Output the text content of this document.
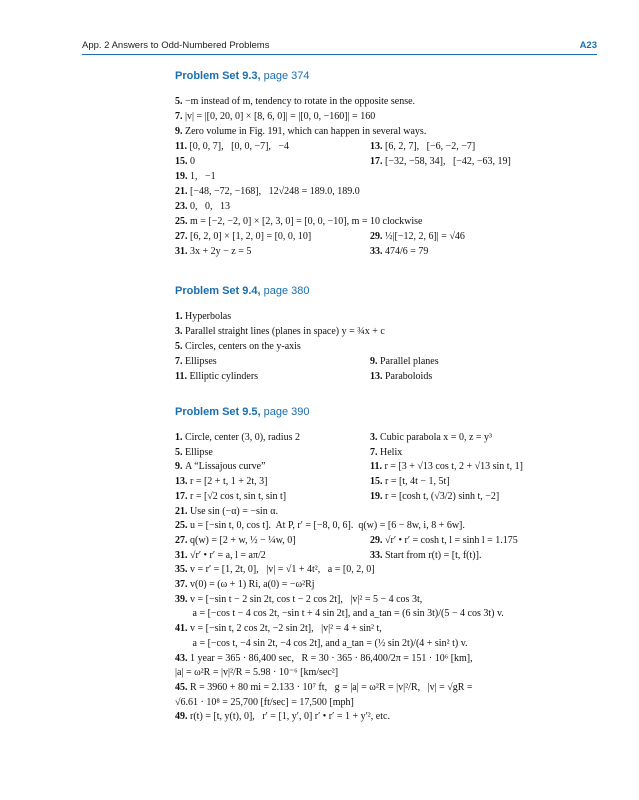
App. 2 Answers to Odd-Numbered Problems	A23
Problem Set 9.3, page 374
5. −m instead of m, tendency to rotate in the opposite sense.
7. |v| = |[0, 20, 0] × [8, 6, 0]| = |[0, 0, −160]| = 160
9. Zero volume in Fig. 191, which can happen in several ways.
11. [0, 0, 7],   [0, 0, −7],   −4	13. [6, 2, 7],   [−6, −2, −7]
15. 0	17. [−32, −58, 34],   [−42, −63, 19]
19. 1,   −1
21. [−48, −72, −168],   12√248 = 189.0, 189.0
23. 0,   0,   13
25. m = [−2, −2, 0] × [2, 3, 0] = [0, 0, −10], m = 10 clockwise
27. [6, 2, 0] × [1, 2, 0] = [0, 0, 10]	29. ½|[−12, 2, 6]| = √46
31. 3x + 2y − z = 5	33. 474/6 = 79
Problem Set 9.4, page 380
1. Hyperbolas
3. Parallel straight lines (planes in space) y = ¾x + c
5. Circles, centers on the y-axis
7. Ellipses	9. Parallel planes
11. Elliptic cylinders	13. Paraboloids
Problem Set 9.5, page 390
1. Circle, center (3, 0), radius 2	3. Cubic parabola x = 0, z = y³
5. Ellipse	7. Helix
9. A “Lissajous curve”	11. r = [3 + √13 cos t, 2 + √13 sin t, 1]
13. r = [2 + t, 1 + 2t, 3]	15. r = [t, 4t − 1, 5t]
17. r = [√2 cos t, sin t, sin t]	19. r = [cosh t, (√3/2) sinh t, −2]
21. Use sin (−α) = −sin α.
25. u = [−sin t, 0, cos t].  At P, r′ = [−8, 0, 6].  q(w) = [6 − 8w, i, 8 + 6w].
27. q(w) = [2 + w, ½ − ¼w, 0]	29. √r′ • r′ = cosh t, l = sinh l = 1.175
31. √r′ • r′ = a, l = aπ/2	33. Start from r(t) = [t, f(t)].
35. v = r′ = [1, 2t, 0],   |v| = √1 + 4t²,   a = [0, 2, 0]
37. v(0) = (ω + 1) Ri, a(0) = −ω²Rj
39. v = [−sin t − 2 sin 2t, cos t − 2 cos 2t],   |v|² = 5 − 4 cos 3t,
a = [−cos t − 4 cos 2t, −sin t + 4 sin 2t], and a_tan = (6 sin 3t)/(5 − 4 cos 3t) v.
41. v = [−sin t, 2 cos 2t, −2 sin 2t],   |v|² = 4 + sin² t,
a = [−cos t, −4 sin 2t, −4 cos 2t], and a_tan = (½ sin 2t)/(4 + sin² t) v.
43. 1 year = 365 · 86,400 sec,   R = 30 · 365 · 86,400/2π = 151 · 10⁶ [km],
|a| = ω²R = |v|²/R = 5.98 · 10⁻⁶ [km/sec²]
45. R = 3960 + 80 mi = 2.133 · 10⁷ ft,   g = |a| = ω²R = |v|²/R,   |v| = √gR =
√6.61 · 10⁸ = 25,700 [ft/sec] = 17,500 [mph]
49. r(t) = [t, y(t), 0],   r′ = [1, y′, 0] r′ • r′ = 1 + y′², etc.
